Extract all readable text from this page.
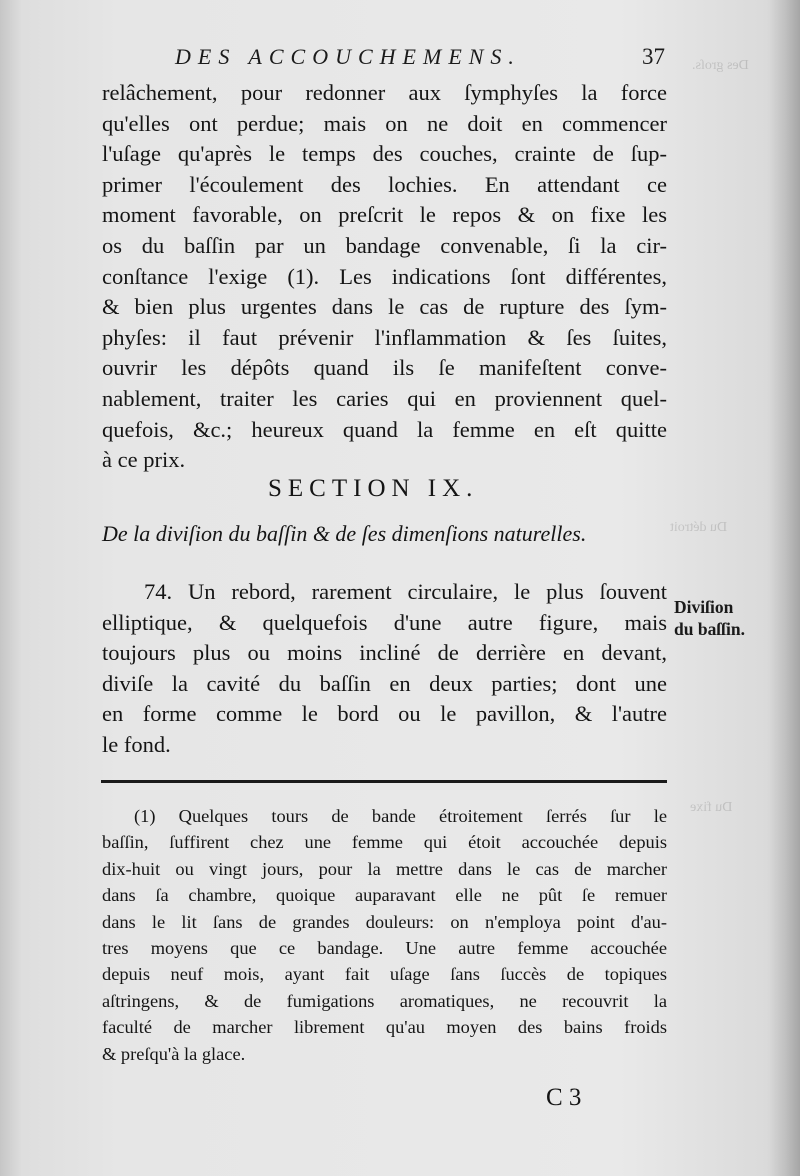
Des groſs.
Du détroit
Du fixe
DES ACCOUCHEMENS.	37
relâchement, pour redonner aux ſymphyſes la force
qu'elles ont perdue; mais on ne doit en commencer
l'uſage qu'après le temps des couches, crainte de ſup-
primer l'écoulement des lochies. En attendant ce
moment favorable, on preſcrit le repos & on fixe les
os du baſſin par un bandage convenable, ſi la cir-
conſtance l'exige (1). Les indications ſont différentes,
& bien plus urgentes dans le cas de rupture des ſym-
phyſes: il faut prévenir l'inflammation & ſes ſuites,
ouvrir les dépôts quand ils ſe manifeſtent conve-
nablement, traiter les caries qui en proviennent quel-
quefois, &c.; heureux quand la femme en eſt quitte
à ce prix.
SECTION IX.
De la diviſion du baſſin & de ſes dimenſions naturelles.
74. Un rebord, rarement circulaire, le plus ſouvent
elliptique, & quelquefois d'une autre figure, mais
toujours plus ou moins incliné de derrière en devant,
diviſe la cavité du baſſin en deux parties; dont une
en forme comme le bord ou le pavillon, & l'autre
le fond.
Diviſion
du baſſin.
(1) Quelques tours de bande étroitement ſerrés ſur le
baſſin, ſuffirent chez une femme qui étoit accouchée depuis
dix-huit ou vingt jours, pour la mettre dans le cas de marcher
dans ſa chambre, quoique auparavant elle ne pût ſe remuer
dans le lit ſans de grandes douleurs: on n'employa point d'au-
tres moyens que ce bandage. Une autre femme accouchée
depuis neuf mois, ayant fait uſage ſans ſuccès de topiques
aſtringens, & de fumigations aromatiques, ne recouvrit la
faculté de marcher librement qu'au moyen des bains froids
& preſqu'à la glace.
C 3
